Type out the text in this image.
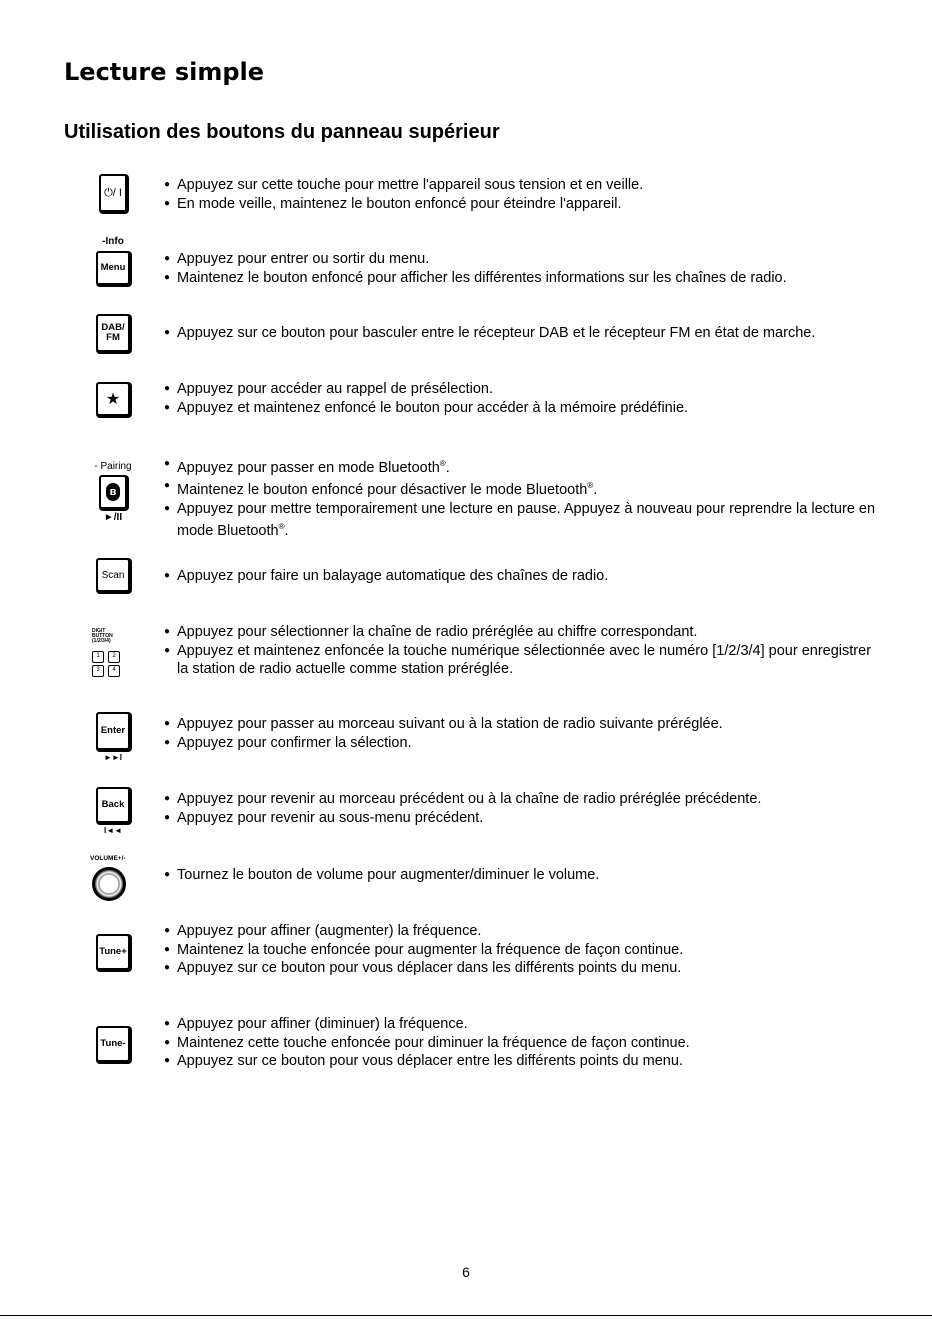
Lecture simple
Utilisation des boutons du panneau supérieur
⏻/ I	● Appuyez sur cette touche pour mettre l'appareil sous tension et en veille.
● En mode veille, maintenez le bouton enfoncé pour éteindre l'appareil.
-Info
Menu
● Appuyez pour entrer ou sortir du menu.
● Maintenez le bouton enfoncé pour afficher les différentes informations sur les chaînes de radio.
DAB/ FM	● Appuyez sur ce bouton pour basculer entre le récepteur DAB et le récepteur FM en état de marche.
★
● Appuyez pour accéder au rappel de présélection.
● Appuyez et maintenez enfoncé le bouton pour accéder à la mémoire prédéfinie.
- Pairing
ʙ
►/II
● Appuyez pour passer en mode Bluetooth®.
● Maintenez le bouton enfoncé pour désactiver le mode Bluetooth®.
● Appuyez pour mettre temporairement une lecture en pause. Appuyez à nouveau pour reprendre la lecture en mode Bluetooth®.
Scan	● Appuyez pour faire un balayage automatique des chaînes de radio.
DIGIT BUTTON (1/2/3/4)
1	2
3	4
● Appuyez pour sélectionner la chaîne de radio préréglée au chiffre correspondant.
● Appuyez et maintenez enfoncée la touche numérique sélectionnée avec le numéro [1/2/3/4] pour enregistrer la station de radio actuelle comme station préréglée.
Enter
►►I
● Appuyez pour passer au morceau suivant ou à la station de radio suivante préréglée.
● Appuyez pour confirmer la sélection.
Back
I◄◄
● Appuyez pour revenir au morceau précédent ou à la chaîne de radio préréglée précédente.
● Appuyez pour revenir au sous-menu précédent.
VOLUME+/-
● Tournez le bouton de volume pour augmenter/diminuer le volume.
Tune+
● Appuyez pour affiner (augmenter) la fréquence.
● Maintenez la touche enfoncée pour augmenter la fréquence de façon continue.
● Appuyez sur ce bouton pour vous déplacer dans les différents points du menu.
Tune-
● Appuyez pour affiner (diminuer) la fréquence.
● Maintenez cette touche enfoncée pour diminuer la fréquence de façon continue.
● Appuyez sur ce bouton pour vous déplacer entre les différents points du menu.
6
